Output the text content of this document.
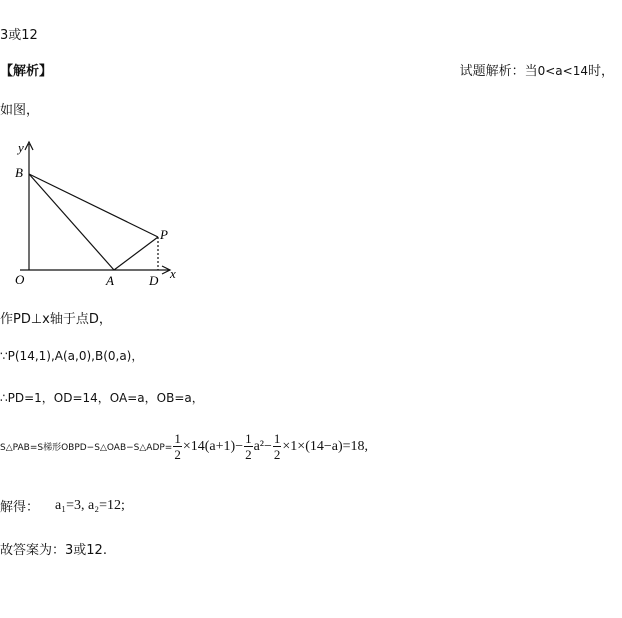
3或12
【解析】	试题解析：当0<a<14时，
如图，
y
B
P
O	A	D x
作PD⊥x轴于点D，
∵P(14,1),A(a,0),B(0,a)，
∴PD=1，OD=14，OA=a，OB=a，
S△PAB=S梯形OBPD−S△OAB−S△ADP= $\frac{1}{2} \times 14(a+1)- \frac{1}{2} a^2- \frac{1}{2} \times 1\times(14-a)=18$,
解得： a₁=3, a₂=12;
故答案为：3或12.
